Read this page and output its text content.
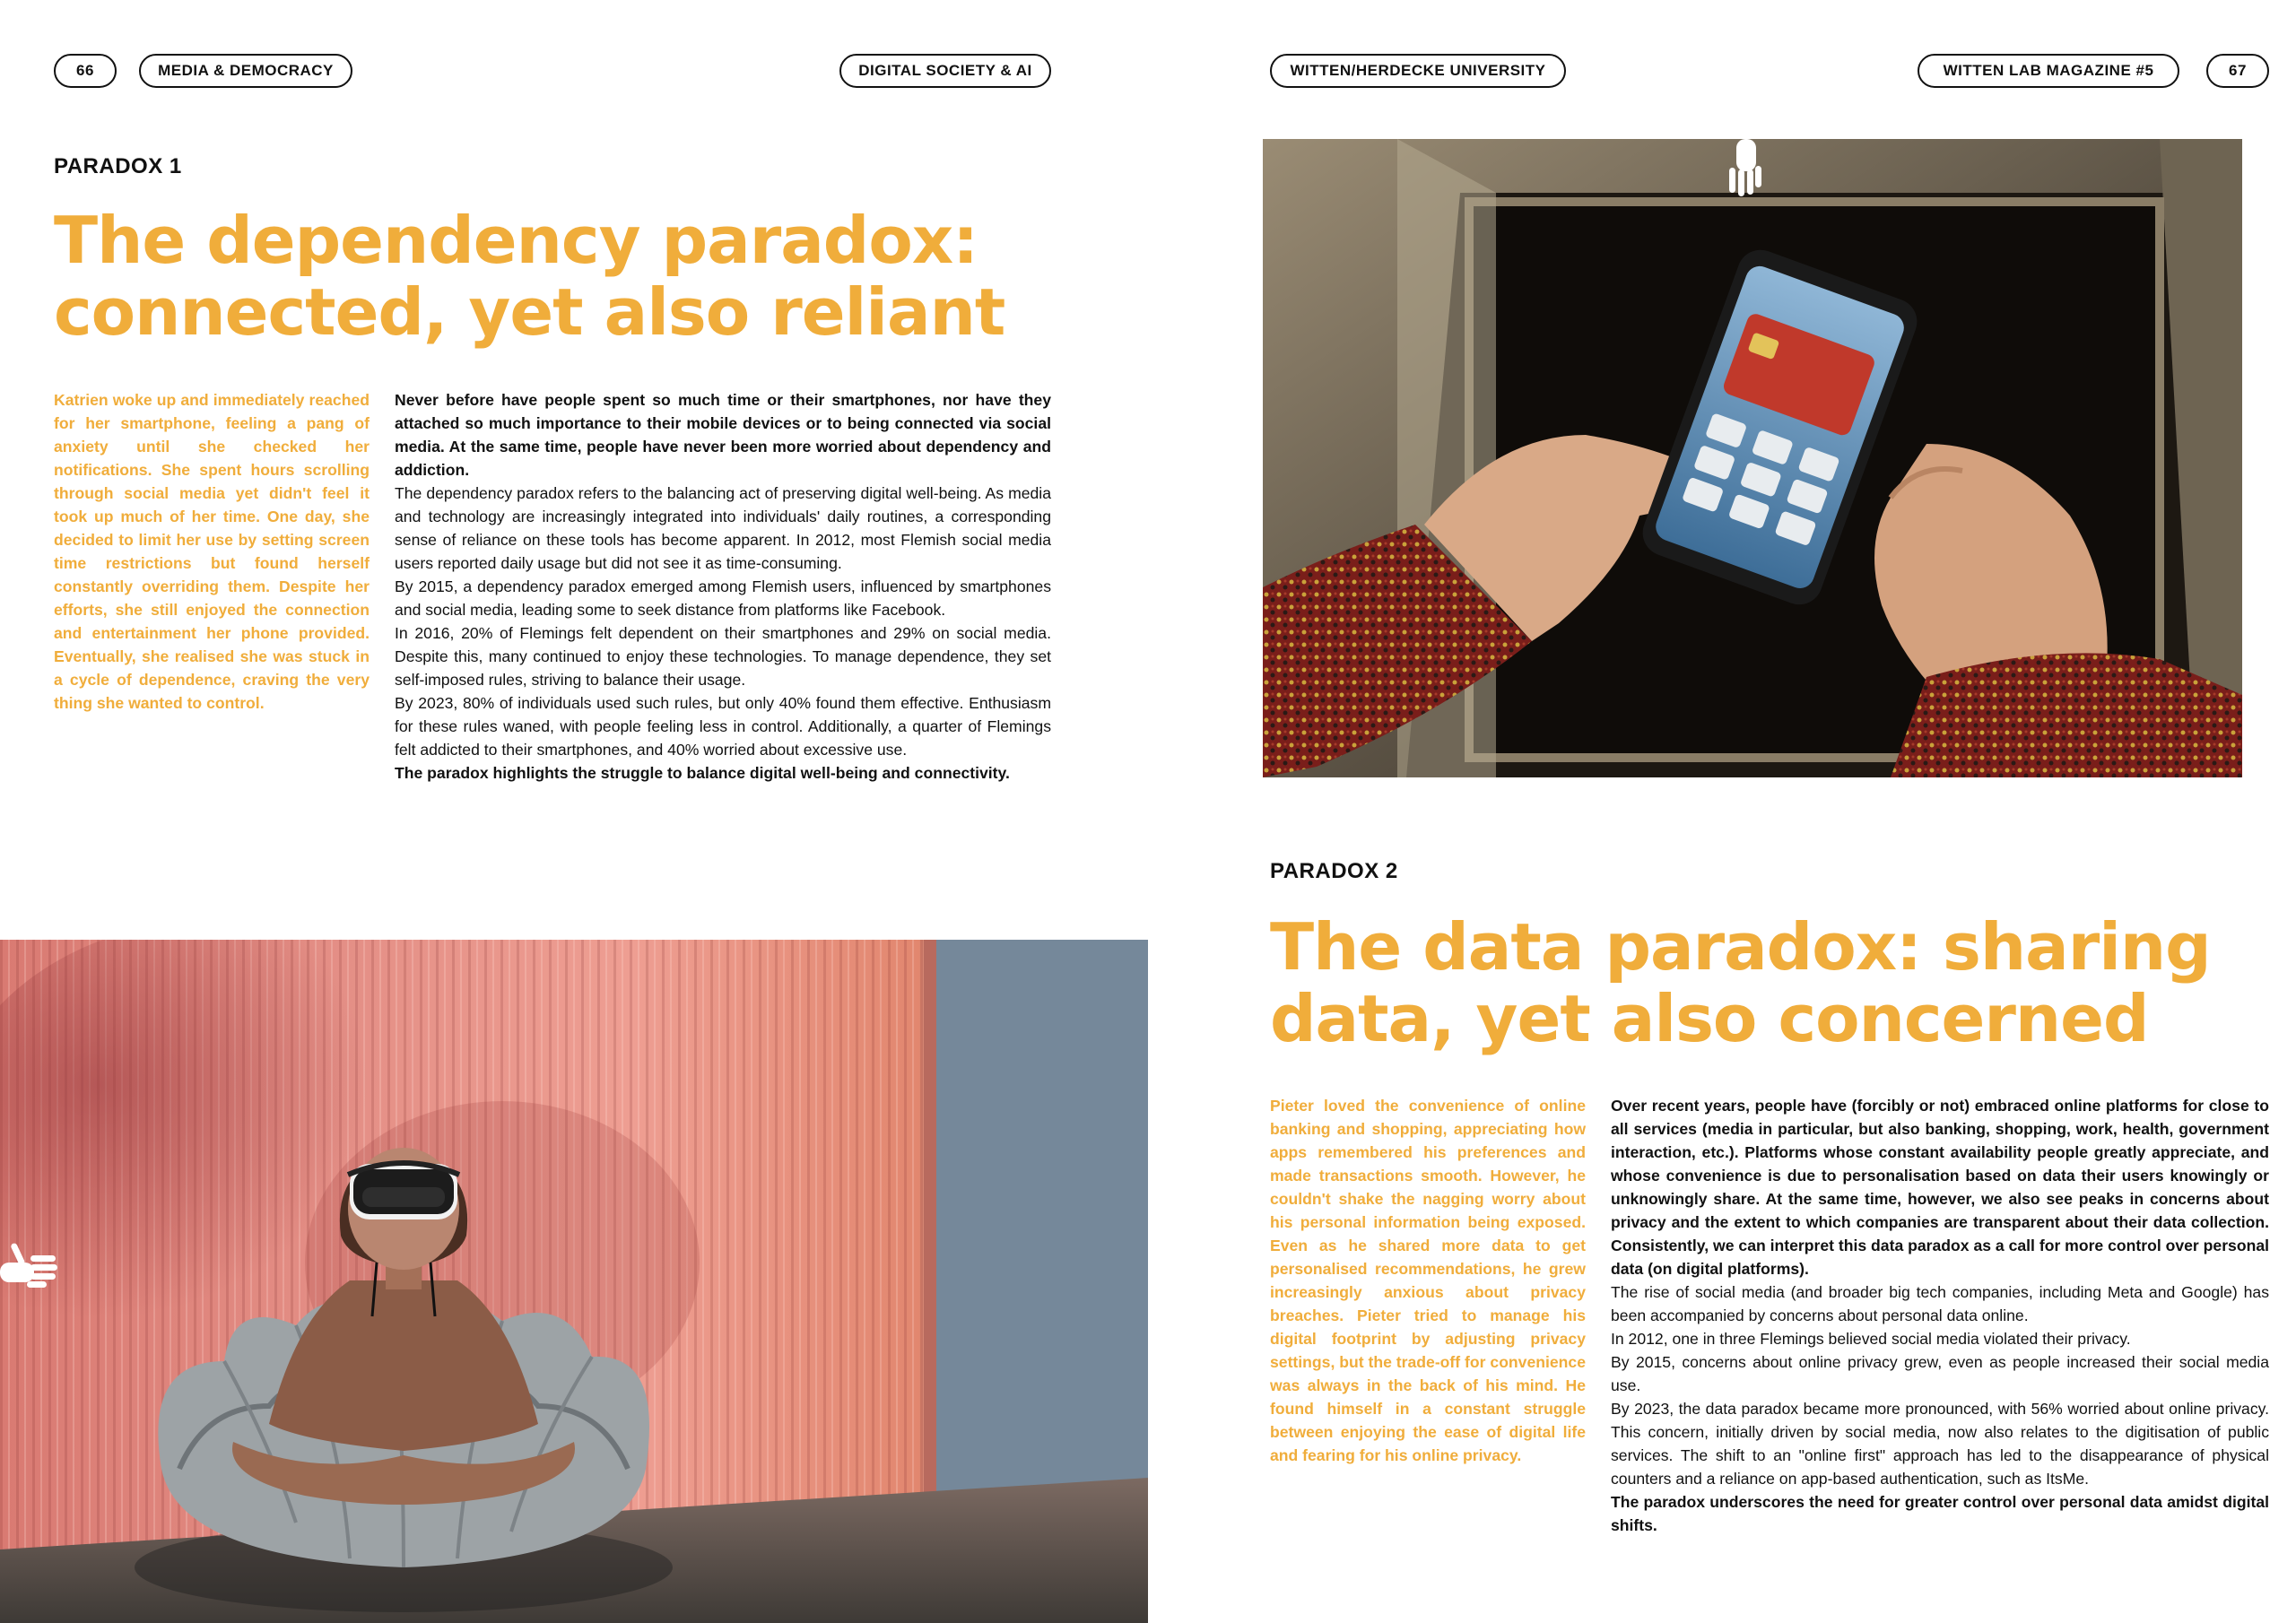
66	MEDIA & DEMOCRACY	DIGITAL SOCIETY & AI
PARADOX 1
The dependency paradox:
connected, yet also reliant
Katrien woke up and immediately reached for her smartphone, feeling a pang of anxiety until she checked her notifications. She spent hours scrolling through social media yet didn't feel it took up much of her time. One day, she decided to limit her use by setting screen time restrictions but found herself constantly overriding them. Despite her efforts, she still enjoyed the connection and entertainment her phone provided. Eventually, she realised she was stuck in a cycle of dependence, craving the very thing she wanted to control.

Never before have people spent so much time or their smartphones, nor have they attached so much importance to their mobile devices or to being connected via social media. At the same time, people have never been more worried about dependency and addiction.

The dependency paradox refers to the balancing act of preserving digital well-being. As media and technology are increasingly integrated into individuals' daily routines, a corresponding sense of reliance on these tools has become apparent. In 2012, most Flemish social media users reported daily usage but did not see it as time-consuming.

By 2015, a dependency paradox emerged among Flemish users, influenced by smartphones and social media, leading some to seek distance from platforms like Facebook.

In 2016, 20% of Flemings felt dependent on their smartphones and 29% on social media. Despite this, many continued to enjoy these technologies. To manage dependence, they set self-imposed rules, striving to balance their usage.

By 2023, 80% of individuals used such rules, but only 40% found them effective. Enthusiasm for these rules waned, with people feeling less in control. Additionally, a quarter of Flemings felt addicted to their smartphones, and 40% worried about excessive use.

The paradox highlights the struggle to balance digital well-being and connectivity.

WITTEN/HERDECKE UNIVERSITY	WITTEN LAB MAGAZINE #5	67
PARADOX 2
The data paradox: sharing
data, yet also concerned
Pieter loved the convenience of online banking and shopping, appreciating how apps remembered his preferences and made transactions smooth. However, he couldn't shake the nagging worry about his personal information being exposed. Even as he shared more data to get personalised recommendations, he grew increasingly anxious about privacy breaches. Pieter tried to manage his digital footprint by adjusting privacy settings, but the trade-off for convenience was always in the back of his mind. He found himself in a constant struggle between enjoying the ease of digital life and fearing for his online privacy.

Over recent years, people have (forcibly or not) embraced online platforms for close to all services (media in particular, but also banking, shopping, work, health, government interaction, etc.). Platforms whose constant availability people greatly appreciate, and whose convenience is due to personalisation based on data their users knowingly or unknowingly share. At the same time, however, we also see peaks in concerns about privacy and the extent to which companies are transparent about their data collection. Consistently, we can interpret this data paradox as a call for more control over personal data (on digital platforms).

The rise of social media (and broader big tech companies, including Meta and Google) has been accompanied by concerns about personal data online.

In 2012, one in three Flemings believed social media violated their privacy.

By 2015, concerns about online privacy grew, even as people increased their social media use.

By 2023, the data paradox became more pronounced, with 56% worried about online privacy. This concern, initially driven by social media, now also relates to the digitisation of public services. The shift to an "online first" approach has led to the disappearance of physical counters and a reliance on app-based authentication, such as ItsMe.

The paradox underscores the need for greater control over personal data amidst digital shifts.
